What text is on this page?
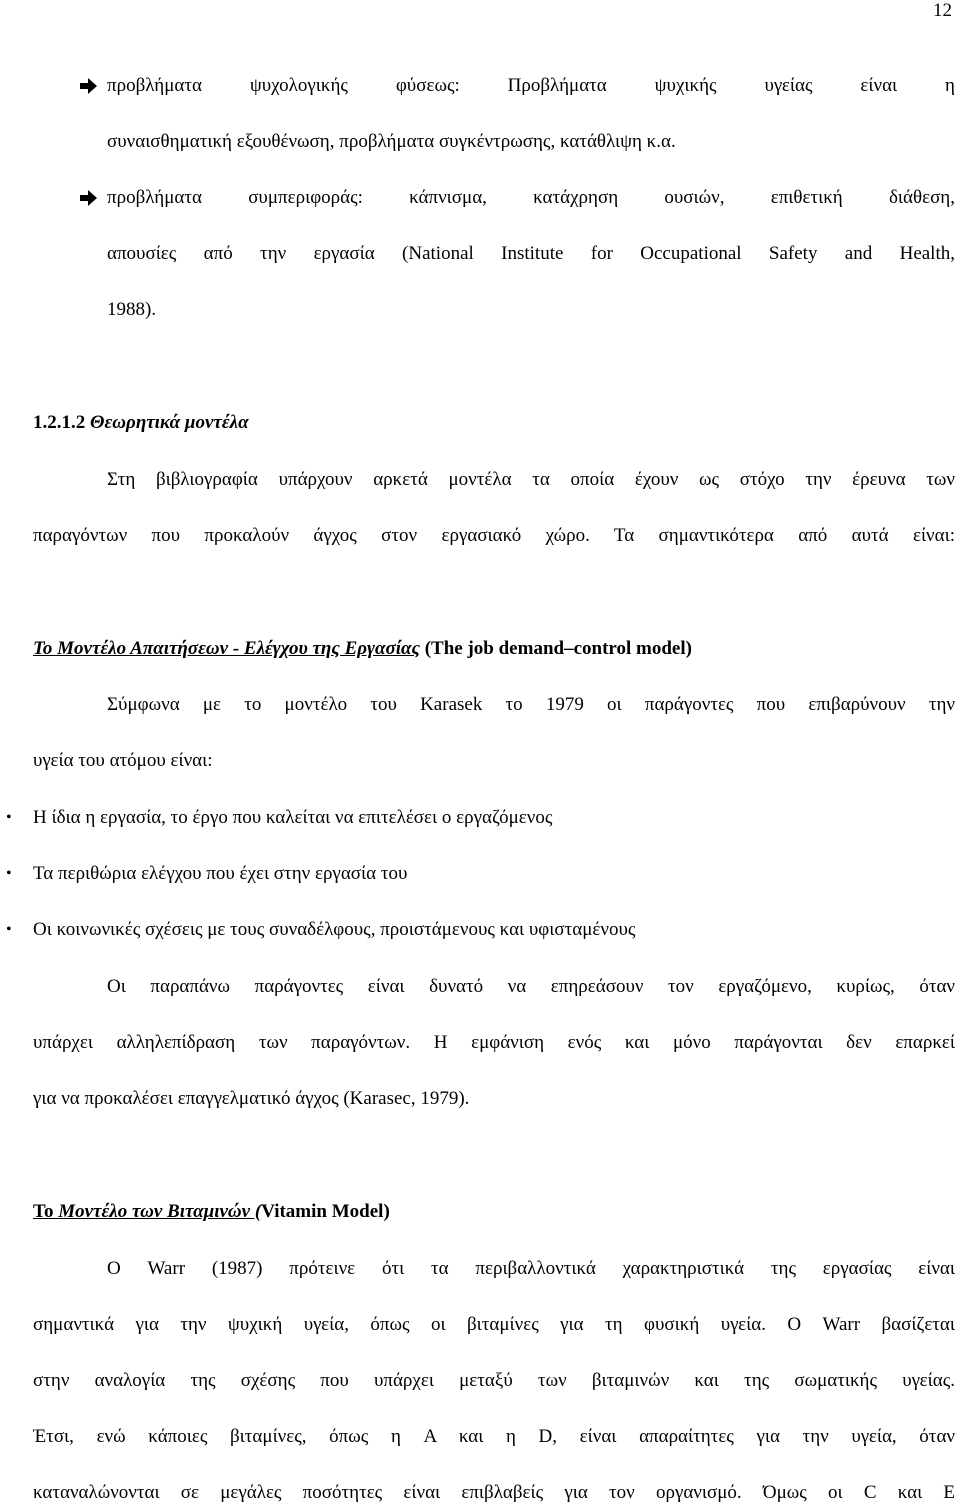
12
προβλήματα ψυχολογικής φύσεως: Προβλήματα ψυχικής υγείας είναι η
συναισθηματική εξουθένωση, προβλήματα συγκέντρωσης, κατάθλιψη κ.α.
προβλήματα συμπεριφοράς: κάπνισμα, κατάχρηση ουσιών, επιθετική διάθεση,
απουσίες από την εργασία (National Institute for Occupational Safety and Health,
1988).
1.2.1.2 Θεωρητικά μοντέλα
Στη βιβλιογραφία υπάρχουν αρκετά μοντέλα τα οποία έχουν ως στόχο την έρευνα των
παραγόντων που προκαλούν άγχος στον εργασιακό χώρο. Τα σημαντικότερα από αυτά είναι:
Το Μοντέλο Απαιτήσεων - Ελέγχου της Εργασίας (The job demand–control model)
Σύμφωνα με το μοντέλο του Karasek το 1979 οι παράγοντες που επιβαρύνουν την
υγεία του ατόμου είναι:
• Η ίδια η εργασία, το έργο που καλείται να επιτελέσει ο εργαζόμενος
• Τα περιθώρια ελέγχου που έχει στην εργασία του
• Οι κοινωνικές σχέσεις με τους συναδέλφους, προιστάμενους και υφισταμένους
Οι παραπάνω παράγοντες είναι δυνατό να επηρεάσουν τον εργαζόμενο, κυρίως, όταν
υπάρχει αλληλεπίδραση των παραγόντων. Η εμφάνιση ενός και μόνο παράγονται δεν επαρκεί
για να προκαλέσει επαγγελματικό άγχος (Karasec, 1979).
Το Μοντέλο των Βιταμινών (Vitamin Model)
Ο Warr (1987) πρότεινε ότι τα περιβαλλοντικά χαρακτηριστικά της εργασίας είναι
σημαντικά για την ψυχική υγεία, όπως οι βιταμίνες για τη φυσική υγεία. Ο Warr βασίζεται
στην αναλογία της σχέσης που υπάρχει μεταξύ των βιταμινών και της σωματικής υγείας.
Έτσι, ενώ κάποιες βιταμίνες, όπως η A και η D, είναι απαραίτητες για την υγεία, όταν
καταναλώνονται σε μεγάλες ποσότητες είναι επιβλαβείς για τον οργανισμό. Όμως οι C και E
